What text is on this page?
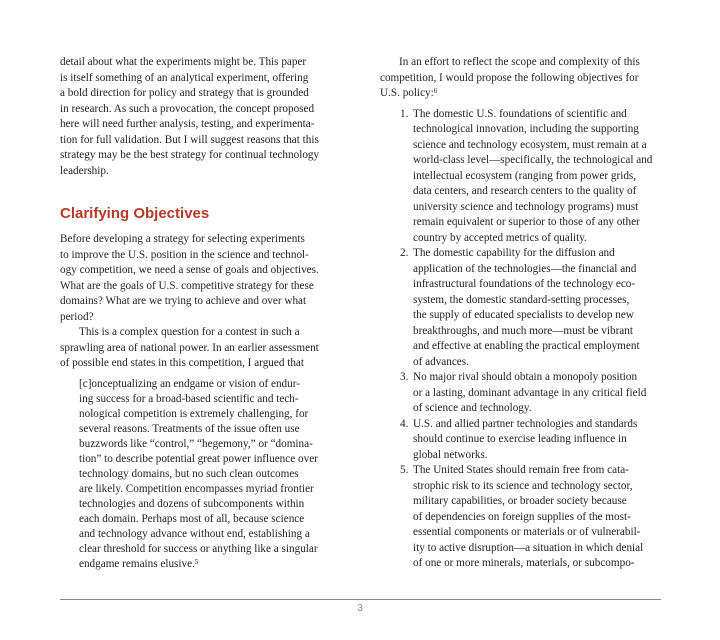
detail about what the experiments might be. This paper
is itself something of an analytical experiment, offering
a bold direction for policy and strategy that is grounded
in research. As such a provocation, the concept proposed
here will need further analysis, testing, and experimenta-
tion for full validation. But I will suggest reasons that this
strategy may be the best strategy for continual technology
leadership.
Clarifying Objectives
Before developing a strategy for selecting experiments
to improve the U.S. position in the science and technol-
ogy competition, we need a sense of goals and objectives.
What are the goals of U.S. competitive strategy for these
domains? What are we trying to achieve and over what
period?
This is a complex question for a contest in such a
sprawling area of national power. In an earlier assessment
of possible end states in this competition, I argued that
[c]onceptualizing an endgame or vision of endur-
ing success for a broad-based scientific and tech-
nological competition is extremely challenging, for
several reasons. Treatments of the issue often use
buzzwords like “control,” “hegemony,” or “domina-
tion” to describe potential great power influence over
technology domains, but no such clean outcomes
are likely. Competition encompasses myriad frontier
technologies and dozens of subcomponents within
each domain. Perhaps most of all, because science
and technology advance without end, establishing a
clear threshold for success or anything like a singular
endgame remains elusive.$^5$
In an effort to reflect the scope and complexity of this
competition, I would propose the following objectives for
U.S. policy:$^6$
1. The domestic U.S. foundations of scientific and
technological innovation, including the supporting
science and technology ecosystem, must remain at a
world-class level—specifically, the technological and
intellectual ecosystem (ranging from power grids,
data centers, and research centers to the quality of
university science and technology programs) must
remain equivalent or superior to those of any other
country by accepted metrics of quality.
2. The domestic capability for the diffusion and
application of the technologies—the financial and
infrastructural foundations of the technology eco-
system, the domestic standard-setting processes,
the supply of educated specialists to develop new
breakthroughs, and much more—must be vibrant
and effective at enabling the practical employment
of advances.
3. No major rival should obtain a monopoly position
or a lasting, dominant advantage in any critical field
of science and technology.
4. U.S. and allied partner technologies and standards
should continue to exercise leading influence in
global networks.
5. The United States should remain free from cata-
strophic risk to its science and technology sector,
military capabilities, or broader society because
of dependencies on foreign supplies of the most-
essential components or materials or of vulnerabil-
ity to active disruption—a situation in which denial
of one or more minerals, materials, or subcompo-
3
